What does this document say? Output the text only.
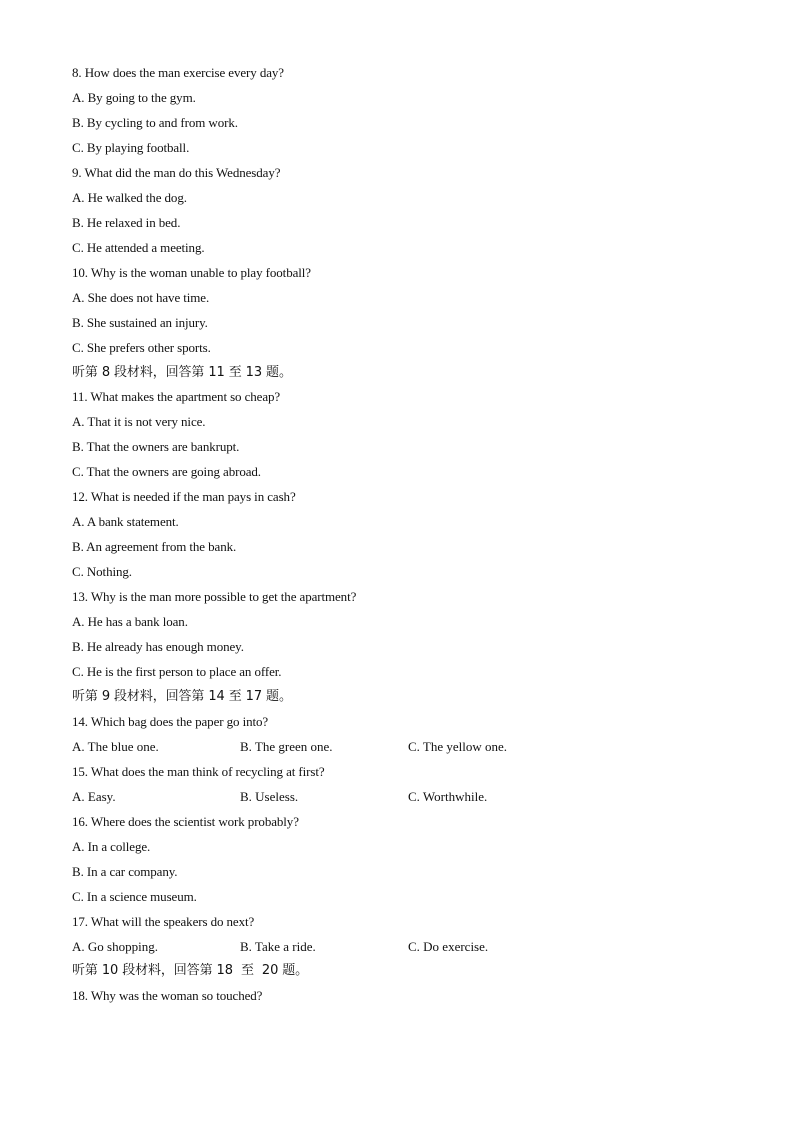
8. How does the man exercise every day?
A. By going to the gym.
B. By cycling to and from work.
C. By playing football.
9. What did the man do this Wednesday?
A. He walked the dog.
B. He relaxed in bed.
C. He attended a meeting.
10. Why is the woman unable to play football?
A. She does not have time.
B. She sustained an injury.
C. She prefers other sports.
听第 8 段材料，回答第 11 至 13 题。
11. What makes the apartment so cheap?
A. That it is not very nice.
B. That the owners are bankrupt.
C. That the owners are going abroad.
12. What is needed if the man pays in cash?
A. A bank statement.
B. An agreement from the bank.
C. Nothing.
13. Why is the man more possible to get the apartment?
A. He has a bank loan.
B. He already has enough money.
C. He is the first person to place an offer.
听第 9 段材料，回答第 14 至 17 题。
14. Which bag does the paper go into?
A. The blue one.	B. The green one.	C. The yellow one.
15. What does the man think of recycling at first?
A. Easy.	B. Useless.	C. Worthwhile.
16. Where does the scientist work probably?
A. In a college.
B. In a car company.
C. In a science museum.
17. What will the speakers do next?
A. Go shopping.	B. Take a ride.	C. Do exercise.
听第 10 段材料，回答第 18  至  20 题。
18. Why was the woman so touched?
